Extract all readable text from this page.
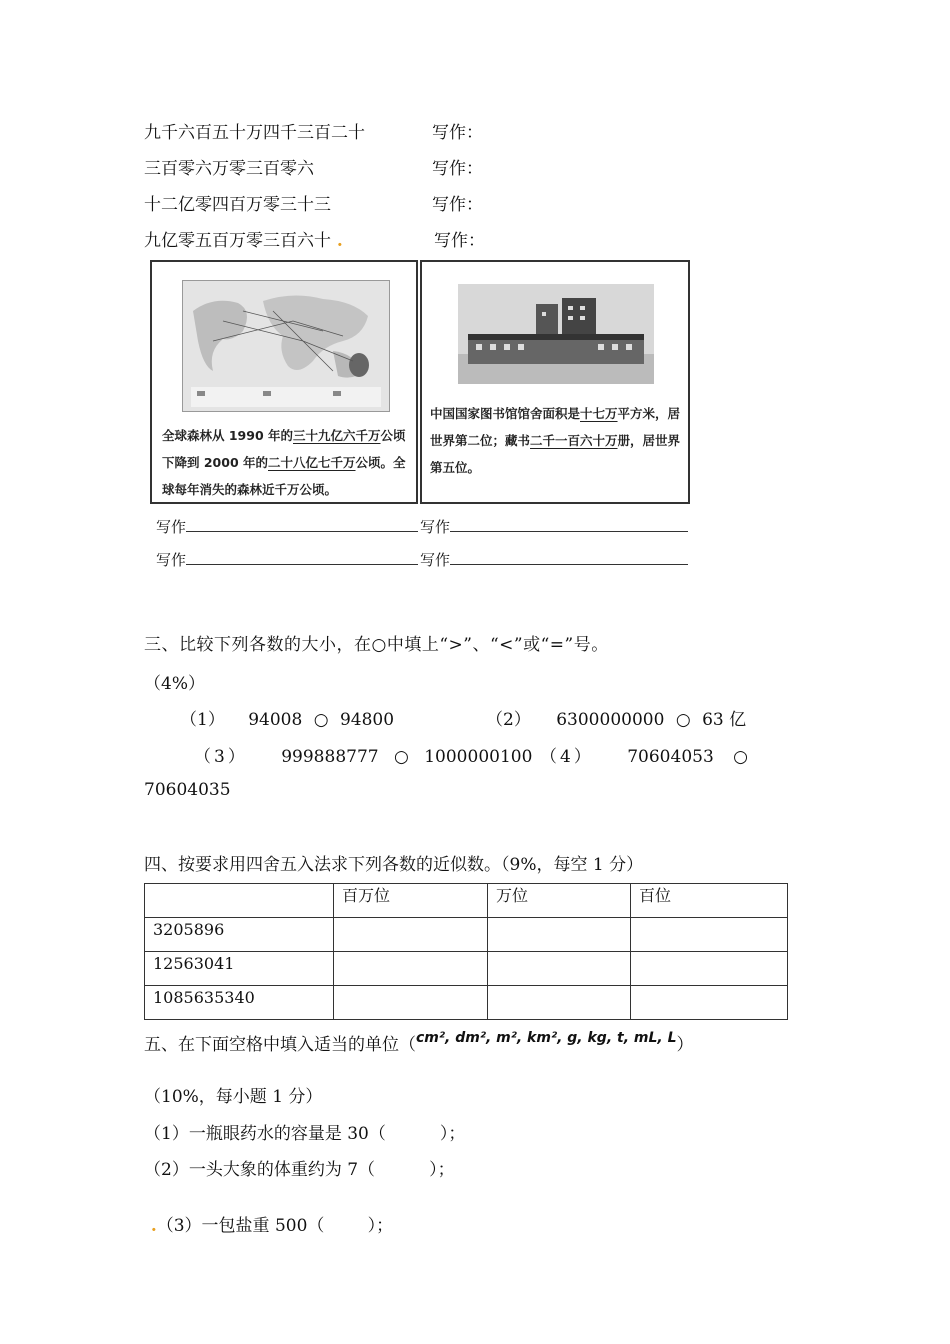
九千六百五十万四千三百二十	写作：
三百零六万零三百零六	写作：
十二亿零四百万零三十三	写作：
九亿零五百万零三百六十 .	写作：
全球森林从 1990 年的三十九亿六千万公顷下降到 2000 年的二十八亿七千万公顷。全球每年消失的森林近千万公顷。
中国国家图书馆馆舍面积是十七万平方米，居世界第二位；藏书二千一百六十万册，居世界第五位。
写作	写作
写作	写作
三、比较下列各数的大小，在○中填上“>”、“<”或“=”号。
（4%）
（1） 94008 ○ 94800	（2） 6300000000 ○ 63 亿
（3） 999888777 ○ 1000000100 （4） 70604053 ○
70604035
四、按要求用四舍五入法求下列各数的近似数。（9%，每空 1 分）
	百万位	万位	百位
3205896			
12563041			
1085635340			
五、在下面空格中填入适当的单位（$^{cm^2, dm^2, m^2, km^2, g, kg, t, mL, L}$）
（10%，每小题 1 分）
（1）一瓶眼药水的容量是 30（          ）；
（2）一头大象的体重约为 7（          ）；

.（3）一包盐重 500（        ）；
